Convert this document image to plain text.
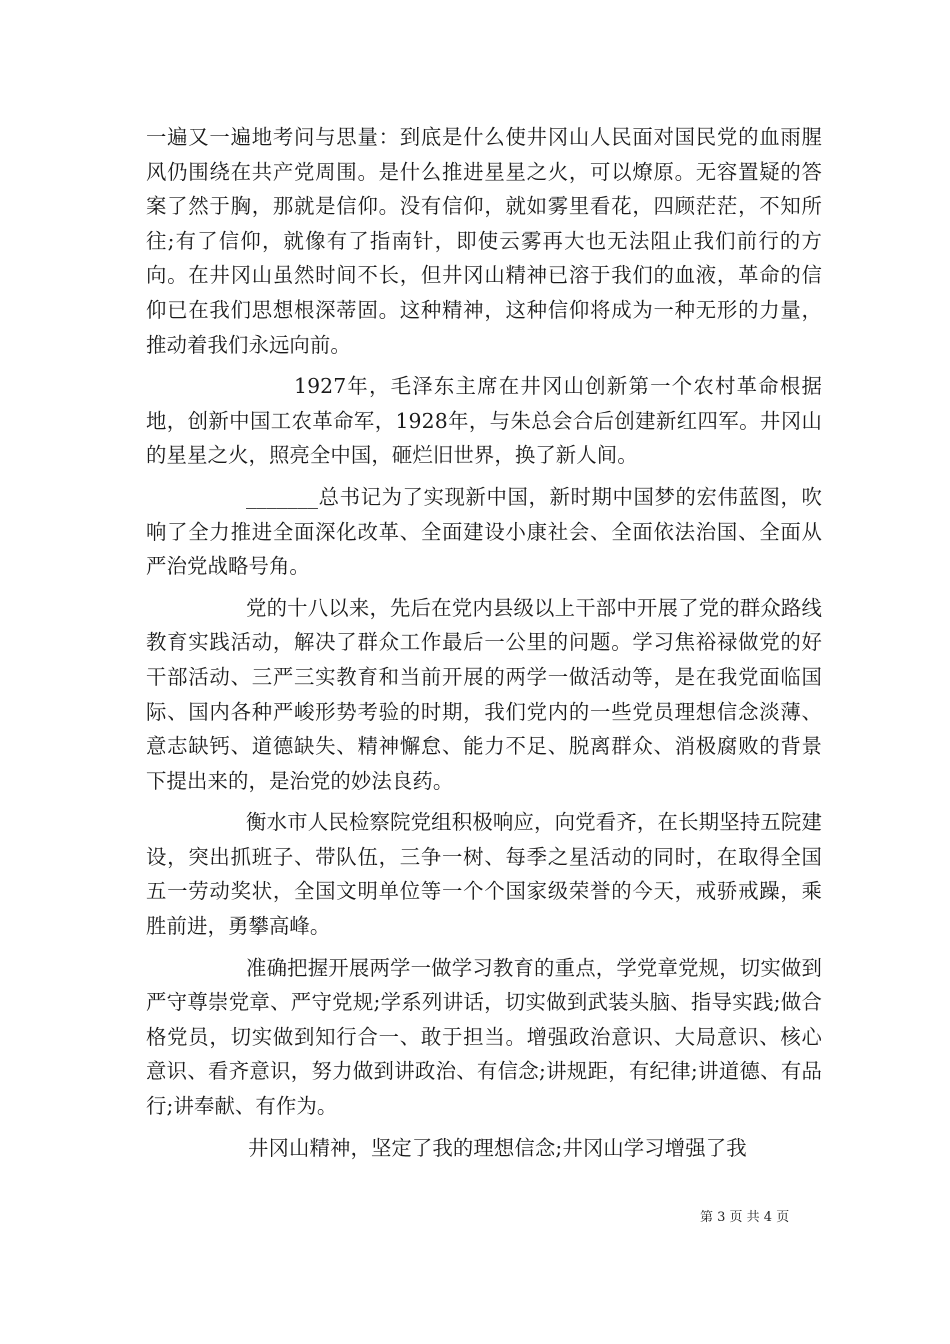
一遍又一遍地考问与思量：到底是什么使井冈山人民面对国民党的血雨腥风仍围绕在共产党周围。是什么推进星星之火，可以燎原。无容置疑的答案了然于胸，那就是信仰。没有信仰，就如雾里看花，四顾茫茫，不知所往;有了信仰，就像有了指南针，即使云雾再大也无法阻止我们前行的方向。在井冈山虽然时间不长，但井冈山精神已溶于我们的血液，革命的信仰已在我们思想根深蒂固。这种精神，这种信仰将成为一种无形的力量，推动着我们永远向前。

1927年，毛泽东主席在井冈山创新第一个农村革命根据地，创新中国工农革命军，1928年，与朱总会合后创建新红四军。井冈山的星星之火，照亮全中国，砸烂旧世界，换了新人间。

_______总书记为了实现新中国，新时期中国梦的宏伟蓝图，吹响了全力推进全面深化改革、全面建设小康社会、全面依法治国、全面从严治党战略号角。

党的十八以来，先后在党内县级以上干部中开展了党的群众路线教育实践活动，解决了群众工作最后一公里的问题。学习焦裕禄做党的好干部活动、三严三实教育和当前开展的两学一做活动等，是在我党面临国际、国内各种严峻形势考验的时期，我们党内的一些党员理想信念淡薄、意志缺钙、道德缺失、精神懈怠、能力不足、脱离群众、消极腐败的背景下提出来的，是治党的妙法良药。

衡水市人民检察院党组积极响应，向党看齐，在长期坚持五院建设，突出抓班子、带队伍，三争一树、每季之星活动的同时，在取得全国五一劳动奖状，全国文明单位等一个个国家级荣誉的今天，戒骄戒躁，乘胜前进，勇攀高峰。

准确把握开展两学一做学习教育的重点，学党章党规，切实做到严守尊崇党章、严守党规;学系列讲话，切实做到武装头脑、指导实践;做合格党员，切实做到知行合一、敢于担当。增强政治意识、大局意识、核心意识、看齐意识，努力做到讲政治、有信念;讲规距，有纪律;讲道德、有品行;讲奉献、有作为。

井冈山精神，坚定了我的理想信念;井冈山学习增强了我

第 3 页 共 4 页
